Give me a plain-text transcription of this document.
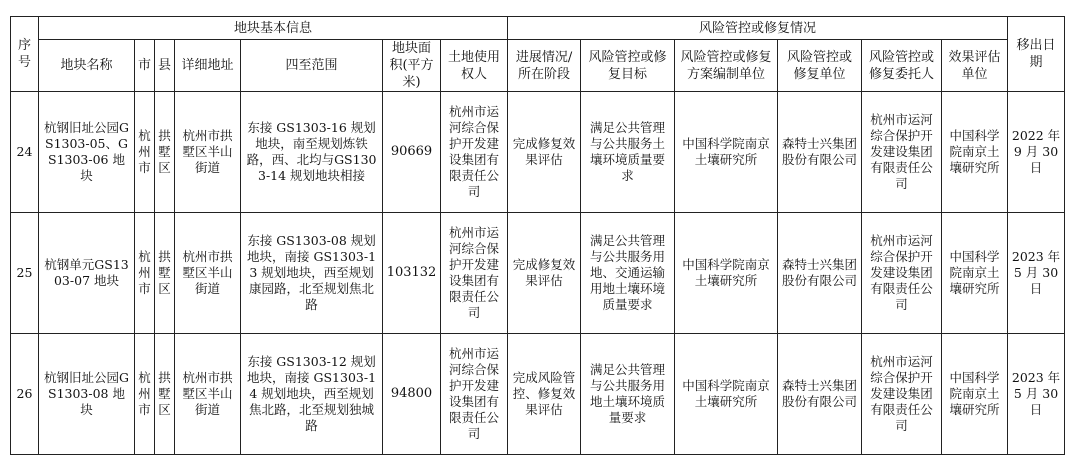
序号	地块基本信息							风险管控或修复情况						移出日期
	地块名称	市	县	详细地址	四至范围	地块面积(平方米)	土地使用权人	进展情况/所在阶段	风险管控或修复目标	风险管控或修复方案编制单位	风险管控或修复单位	风险管控或修复委托人	效果评估单位	
24	杭钢旧址公园GS1303-05、GS1303-06 地块	杭州市	拱墅区	杭州市拱墅区半山街道	东接 GS1303-16 规划地块，南至规划炼铁路，西、北均与GS1303-14 规划地块相接	90669	杭州市运河综合保护开发建设集团有限责任公司	完成修复效果评估	满足公共管理与公共服务土壤环境质量要求	中国科学院南京土壤研究所	森特士兴集团股份有限公司	杭州市运河综合保护开发建设集团有限责任公司	中国科学院南京土壤研究所	2022 年9 月 30日
25	杭钢单元GS1303-07 地块	杭州市	拱墅区	杭州市拱墅区半山街道	东接 GS1303-08 规划地块，南接 GS1303-13 规划地块，西至规划康园路，北至规划焦北路	103132	杭州市运河综合保护开发建设集团有限责任公司	完成修复效果评估	满足公共管理与公共服务用地、交通运输用地土壤环境质量要求	中国科学院南京土壤研究所	森特士兴集团股份有限公司	杭州市运河综合保护开发建设集团有限责任公司	中国科学院南京土壤研究所	2023 年5 月 30日
26	杭钢旧址公园GS1303-08 地块	杭州市	拱墅区	杭州市拱墅区半山街道	东接 GS1303-12 规划地块，南接 GS1303-14 规划地块，西至规划焦北路，北至规划独城路	94800	杭州市运河综合保护开发建设集团有限责任公司	完成风险管控、修复效果评估	满足公共管理与公共服务用地土壤环境质量要求	中国科学院南京土壤研究所	森特士兴集团股份有限公司	杭州市运河综合保护开发建设集团有限责任公司	中国科学院南京土壤研究所	2023 年5 月 30日
